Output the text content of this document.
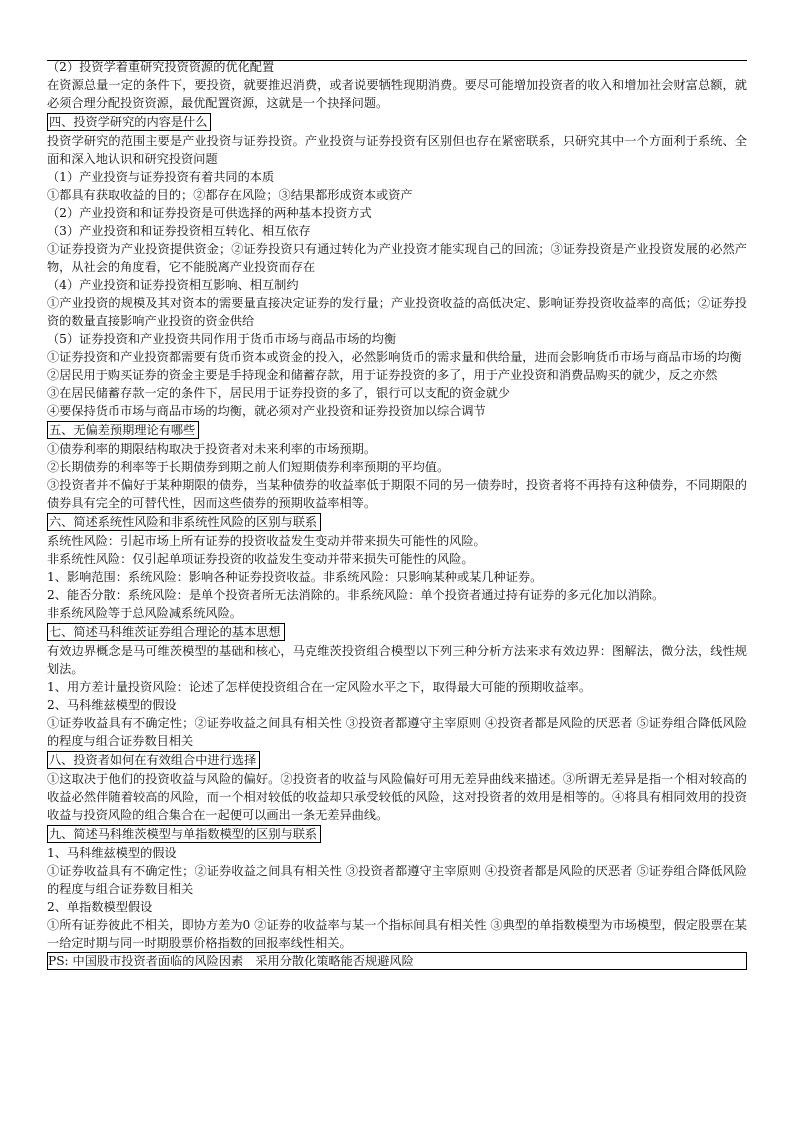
（2）投资学着重研究投资资源的优化配置

在资源总量一定的条件下，要投资，就要推迟消费，或者说要牺牲现期消费。要尽可能增加投资者的收入和增加社会财富总额，就必须合理分配投资资源，最优配置资源，这就是一个抉择问题。

四、投资学研究的内容是什么

投资学研究的范围主要是产业投资与证券投资。产业投资与证券投资有区别但也存在紧密联系，只研究其中一个方面利于系统、全面和深入地认识和研究投资问题

（1）产业投资与证券投资有着共同的本质

①都具有获取收益的目的；②都存在风险；③结果都形成资本或资产

（2）产业投资和和证券投资是可供选择的两种基本投资方式

（3）产业投资和和证券投资相互转化、相互依存

①证券投资为产业投资提供资金；②证券投资只有通过转化为产业投资才能实现自己的回流；③证券投资是产业投资发展的必然产物，从社会的角度看，它不能脱离产业投资而存在

（4）产业投资和证券投资相互影响、相互制约

①产业投资的规模及其对资本的需要量直接决定证券的发行量；产业投资收益的高低决定、影响证券投资收益率的高低；②证券投资的数量直接影响产业投资的资金供给

（5）证券投资和产业投资共同作用于货币市场与商品市场的均衡

①证券投资和产业投资都需要有货币资本或资金的投入，必然影响货币的需求量和供给量，进而会影响货币市场与商品市场的均衡

②居民用于购买证券的资金主要是手持现金和储蓄存款，用于证券投资的多了，用于产业投资和消费品购买的就少，反之亦然

③在居民储蓄存款一定的条件下，居民用于证券投资的多了，银行可以支配的资金就少

④要保持货币市场与商品市场的均衡，就必须对产业投资和证券投资加以综合调节

五、无偏差预期理论有哪些

①债券利率的期限结构取决于投资者对未来利率的市场预期。

②长期债券的利率等于长期债券到期之前人们短期债券利率预期的平均值。

③投资者并不偏好于某种期限的债券，当某种债券的收益率低于期限不同的另一债券时，投资者将不再持有这种债券，不同期限的债券具有完全的可替代性，因而这些债券的预期收益率相等。

六、简述系统性风险和非系统性风险的区别与联系

系统性风险：引起市场上所有证券的投资收益发生变动并带来损失可能性的风险。

非系统性风险：仅引起单项证券投资的收益发生变动并带来损失可能性的风险。

1、影响范围：系统风险：影响各种证券投资收益。非系统风险：只影响某种或某几种证券。

2、能否分散：系统风险：是单个投资者所无法消除的。非系统风险：单个投资者通过持有证券的多元化加以消除。

非系统风险等于总风险减系统风险。

七、简述马科维茨证券组合理论的基本思想

有效边界概念是马可维茨模型的基础和核心，马克维茨投资组合模型以下列三种分析方法来求有效边界：图解法，微分法，线性规划法。

1、用方差计量投资风险：论述了怎样使投资组合在一定风险水平之下，取得最大可能的预期收益率。

2、马科维兹模型的假设

①证券收益具有不确定性；②证券收益之间具有相关性 ③投资者都遵守主宰原则 ④投资者都是风险的厌恶者 ⑤证券组合降低风险的程度与组合证券数目相关

八、投资者如何在有效组合中进行选择

①这取决于他们的投资收益与风险的偏好。②投资者的收益与风险偏好可用无差异曲线来描述。③所谓无差异是指一个相对较高的收益必然伴随着较高的风险，而一个相对较低的收益却只承受较低的风险，这对投资者的效用是相等的。④将具有相同效用的投资收益与投资风险的组合集合在一起便可以画出一条无差异曲线。

九、简述马科维茨模型与单指数模型的区别与联系

1、马科维兹模型的假设

①证券收益具有不确定性；②证券收益之间具有相关性 ③投资者都遵守主宰原则 ④投资者都是风险的厌恶者 ⑤证券组合降低风险的程度与组合证券数目相关

2、单指数模型假设

①所有证券彼此不相关，即协方差为0 ②证券的收益率与某一个指标间具有相关性 ③典型的单指数模型为市场模型，假定股票在某一给定时期与同一时期股票价格指数的回报率线性相关。

PS: 中国股市投资者面临的风险因素　采用分散化策略能否规避风险
